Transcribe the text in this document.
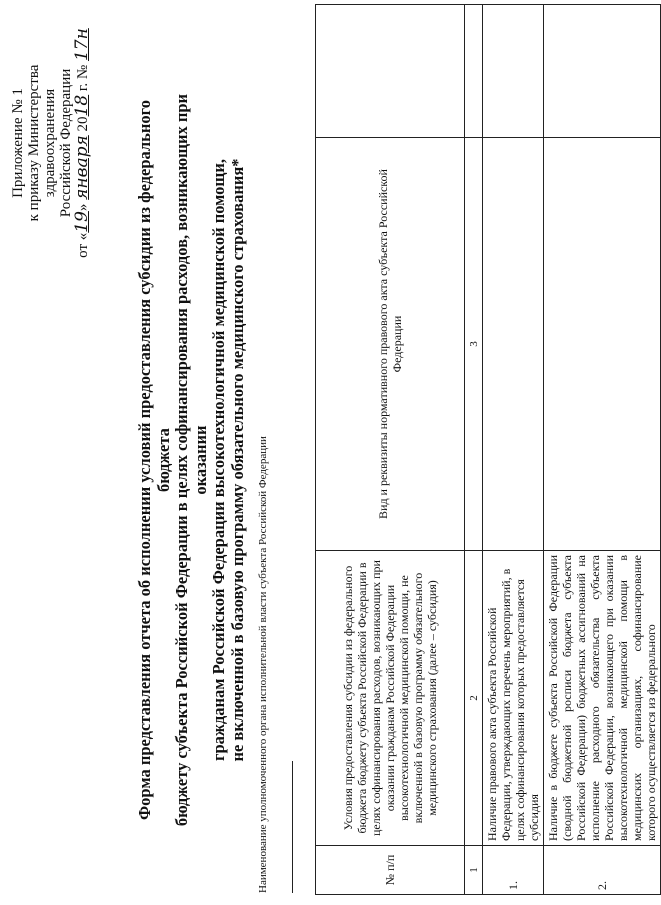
Приложение № 1 к приказу Министерства здравоохранения Российской Федерации
от «19» января 2018 г. № 17н
Форма представления отчета об исполнении условий предоставления субсидии из федерального бюджета бюджету субъекта Российской Федерации в целях софинансирования расходов, возникающих при оказании гражданам Российской Федерации высокотехнологичной медицинской помощи, не включенной в базовую программу обязательного медицинского страхования* Наименование уполномоченного органа исполнительной власти субъекта Российской Федерации	№ п/п	Условия предоставления субсидии из федерального бюджета бюджету субъекта Российской Федерации в целях софинансирования расходов, возникающих при оказании гражданам Российской Федерации высокотехнологичной медицинской помощи, не включенной в базовую программу обязательного медицинского страхования (далее – субсидия)	Вид и реквизиты нормативного правового акта субъекта Российской Федерации	
1	2	3	
1.	Наличие правового акта субъекта Российской Федерации, утверждающих перечень мероприятий, в целях софинансирования которых предоставляется субсидия		
2.	Наличие в бюджете субъекта Российской Федерации (сводной бюджетной росписи бюджета субъекта Российской Федерации) бюджетных ассигнований на исполнение расходного обязательства субъекта Российской Федерации, возникающего при оказании высокотехнологичной медицинской помощи в медицинских организациях, софинансирование которого осуществляется из федерального		
